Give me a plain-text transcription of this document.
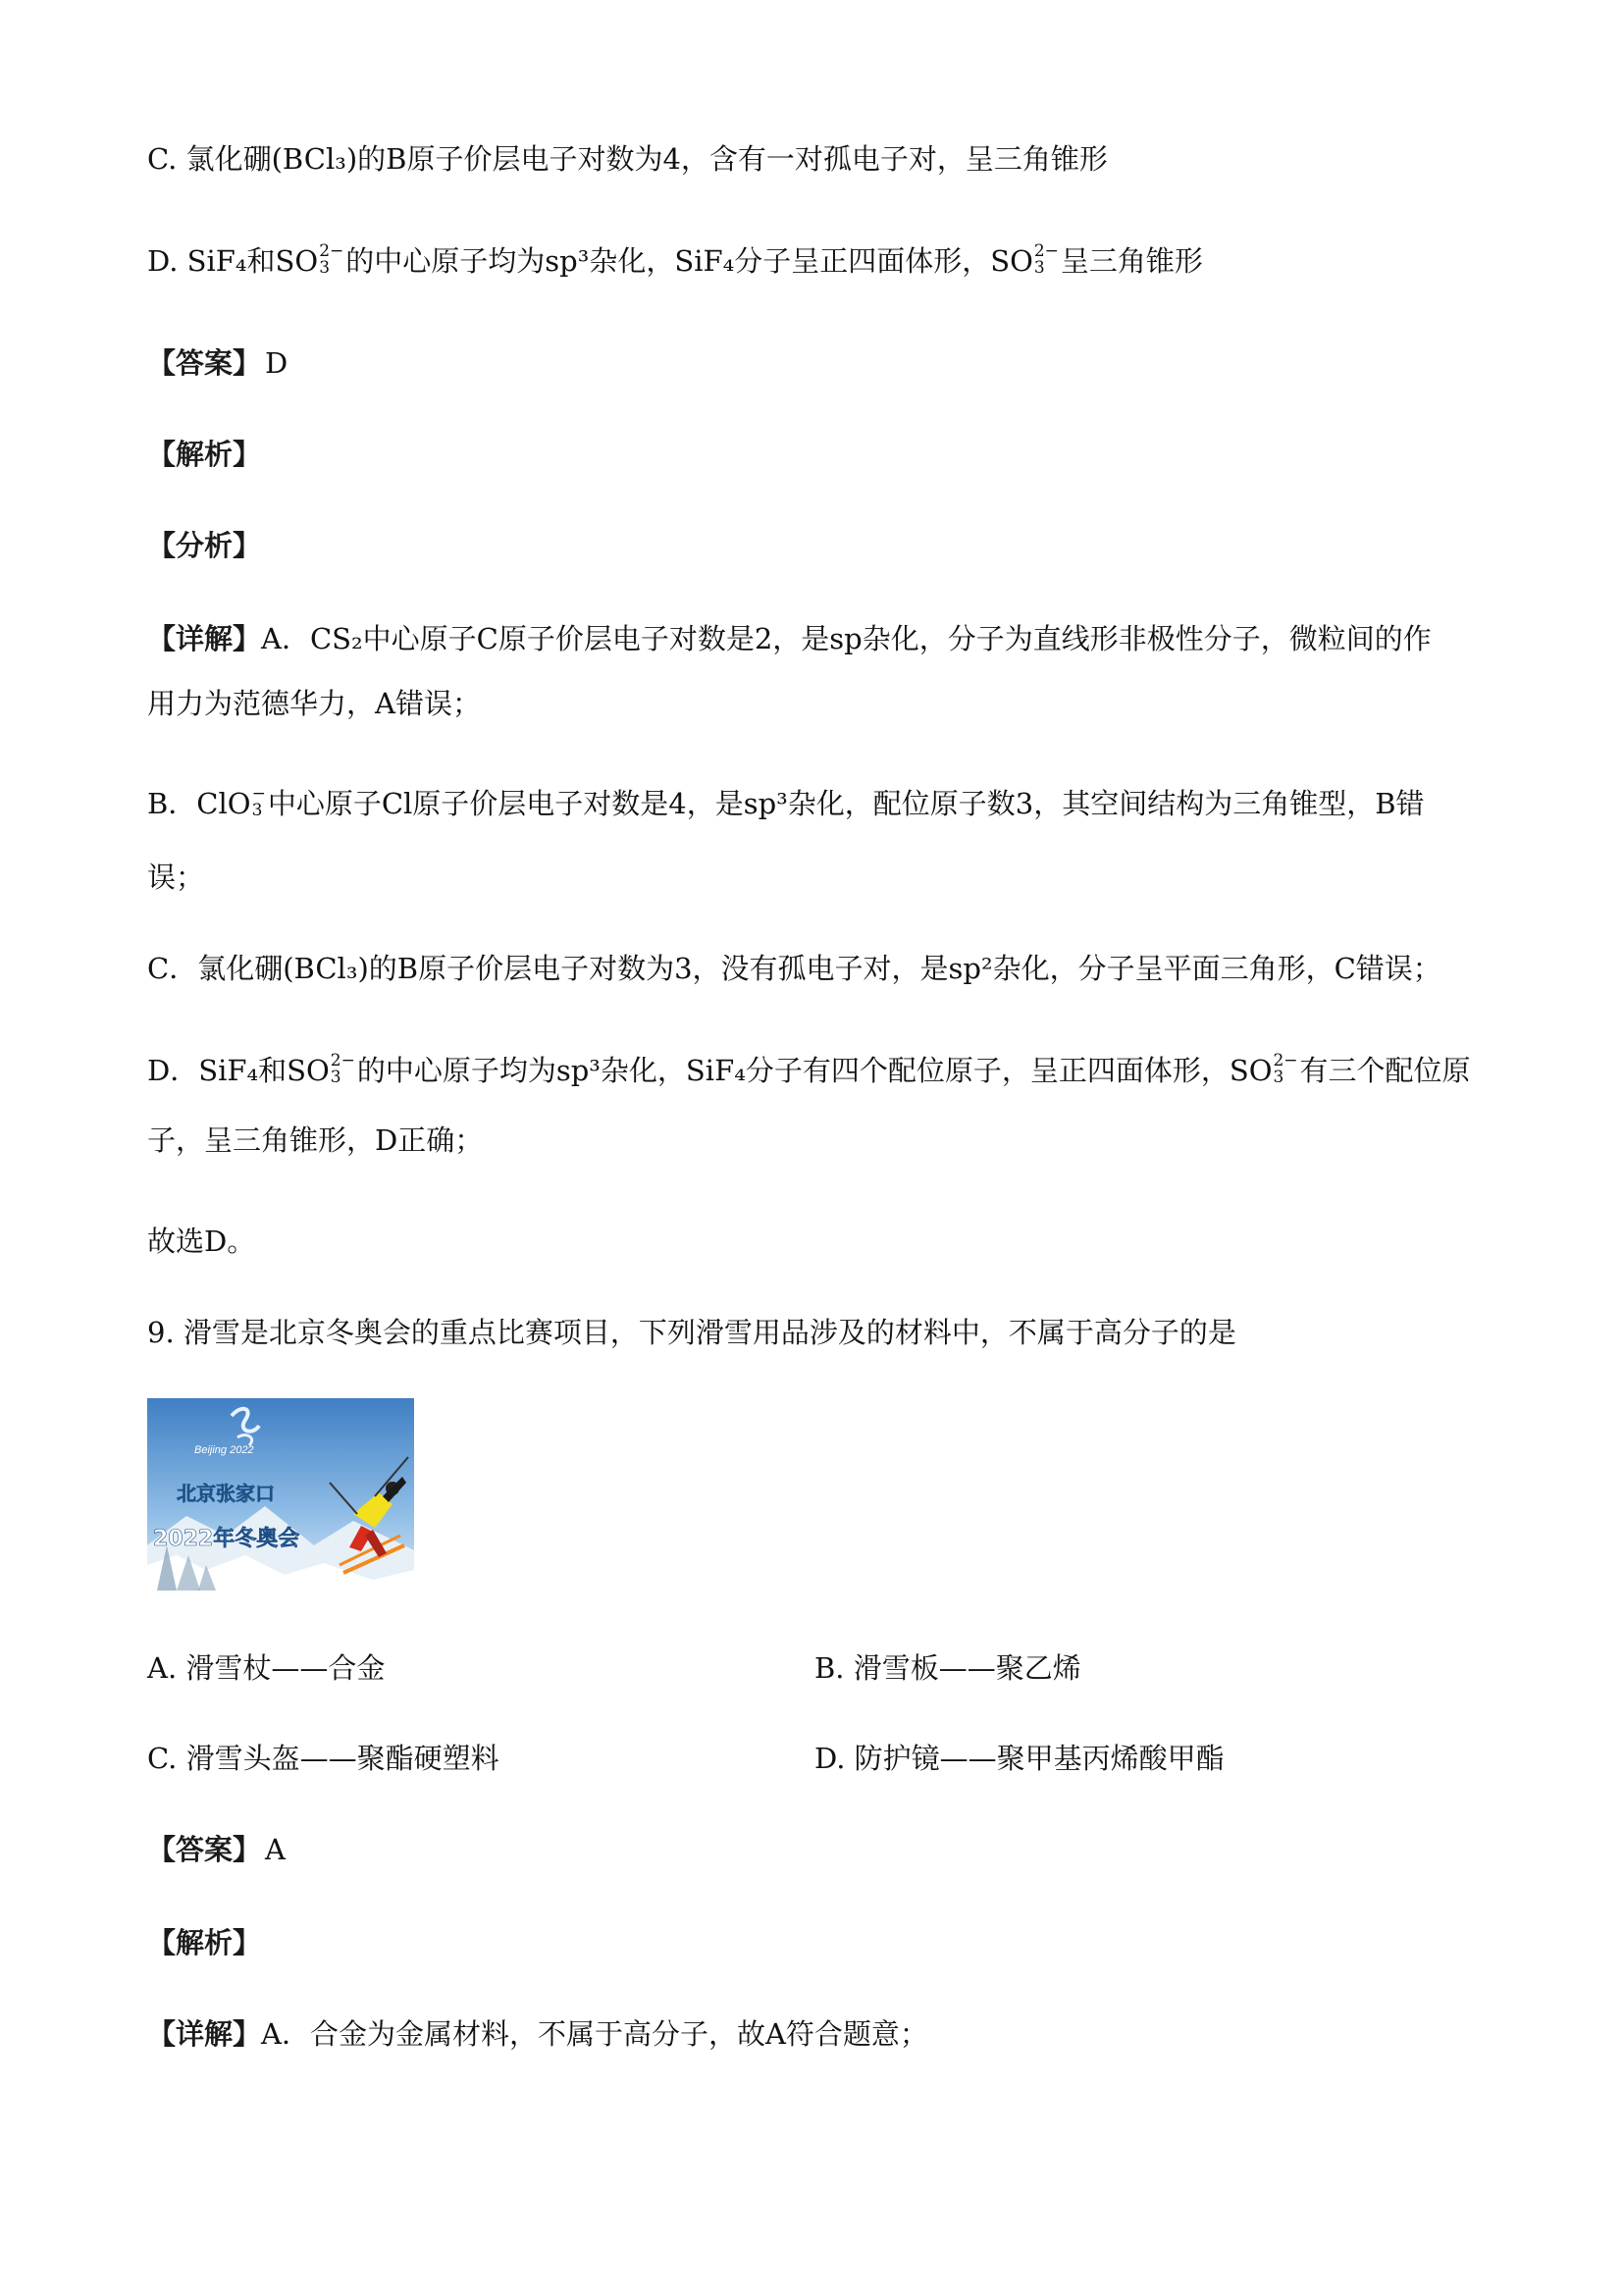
C. 氯化硼(BCl₃)的B原子价层电子对数为4，含有一对孤电子对，呈三角锥形
D. SiF₄和SO 2−
3 的中心原子均为sp³杂化，SiF₄分子呈正四面体形，SO 2−
3 呈三角锥形
【答案】 D
【解析】
【分析】
【详解】A．CS₂中心原子C原子价层电子对数是2，是sp杂化，分子为直线形非极性分子，微粒间的作
用力为范德华力，A错误；
B．ClO −
3 中心原子Cl原子价层电子对数是4，是sp³杂化，配位原子数3，其空间结构为三角锥型，B错
误；
C．氯化硼(BCl₃)的B原子价层电子对数为3，没有孤电子对，是sp²杂化，分子呈平面三角形，C错误；
D．SiF₄和SO 2−
3 的中心原子均为sp³杂化，SiF₄分子有四个配位原子，呈正四面体形，SO 2−
3 有三个配位原
子，呈三角锥形，D正确；
故选D。
9. 滑雪是北京冬奥会的重点比赛项目，下列滑雪用品涉及的材料中，不属于高分子的是
Beijing 2022
北京张家口
2022年冬奥会
A. 滑雪杖——合金	B. 滑雪板——聚乙烯
C. 滑雪头盔——聚酯硬塑料	D. 防护镜——聚甲基丙烯酸甲酯
【答案】 A
【解析】
【详解】A．合金为金属材料，不属于高分子，故A符合题意；
